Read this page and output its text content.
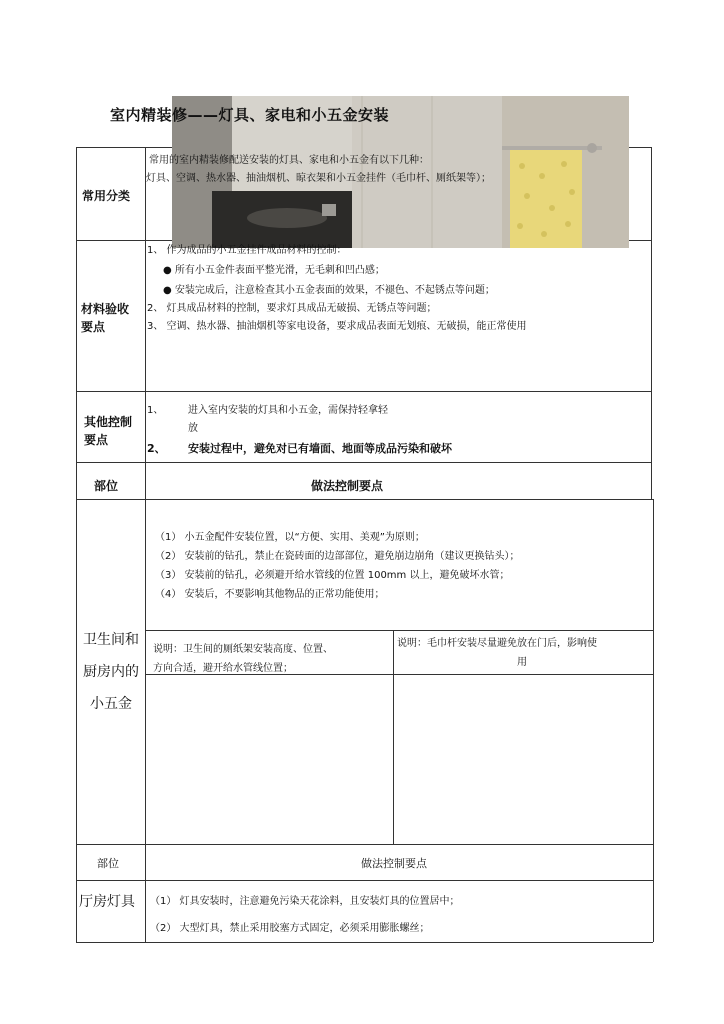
室内精装修——灯具、家电和小五金安装
常用分类
常用的室内精装修配送安装的灯具、家电和小五金有以下几种：
灯具、空调、热水器、抽油烟机、晾衣架和小五金挂件（毛巾杆、厕纸架等）；
材料验收
要点
1、 作为成品的小五金挂件成品材料的控制：
● 所有小五金件表面平整光滑，无毛刺和凹凸感；
● 安装完成后，注意检查其小五金表面的效果，不褪色、不起锈点等问题；
2、 灯具成品材料的控制，要求灯具成品无破损、无锈点等问题；
3、 空调、热水器、抽油烟机等家电设备，要求成品表面无划痕、无破损，能正常使用
其他控制
要点
1、 进入室内安装的灯具和小五金，需保持轻拿轻
放
2、 安装过程中，避免对已有墙面、地面等成品污染和破坏
部位	做法控制要点
卫生间和
厨房内的
小五金
（1） 小五金配件安装位置，以“方便、实用、美观”为原则；
（2） 安装前的钻孔，禁止在瓷砖面的边部部位，避免崩边崩角（建议更换钻头）；
（3） 安装前的钻孔，必须避开给水管线的位置 100mm 以上，避免破坏水管；
（4） 安装后，不要影响其他物品的正常功能使用；
说明：卫生间的厕纸架安装高度、位置、
方向合适，避开给水管线位置；
说明：毛巾杆安装尽量避免放在门后，影响使
用
部位	做法控制要点
厅房灯具 （1） 灯具安装时，注意避免污染天花涂料，且安装灯具的位置居中；
（2） 大型灯具，禁止采用胶塞方式固定，必须采用膨胀螺丝；
